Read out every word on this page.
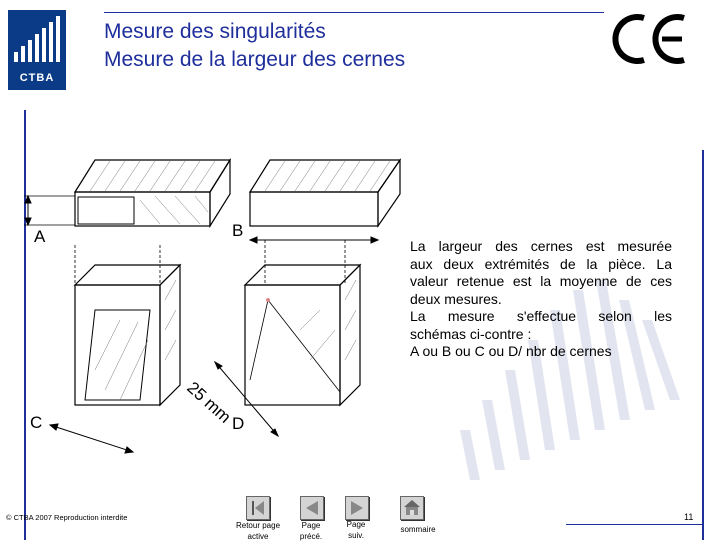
CTBA
Mesure des singularités
Mesure de la largeur des cernes
A	B
C	D
25 mm
La largeur des cernes est mesurée
aux deux extrémités de la pièce. La
valeur retenue est la moyenne de ces
deux mesures.
La mesure s'effectue selon les
schémas ci-contre :
A ou B ou C ou D/ nbr de cernes
© CTBA 2007 Reproduction interdite
Retour page
active
Page
précé.
Page
suiv.
sommaire
11
